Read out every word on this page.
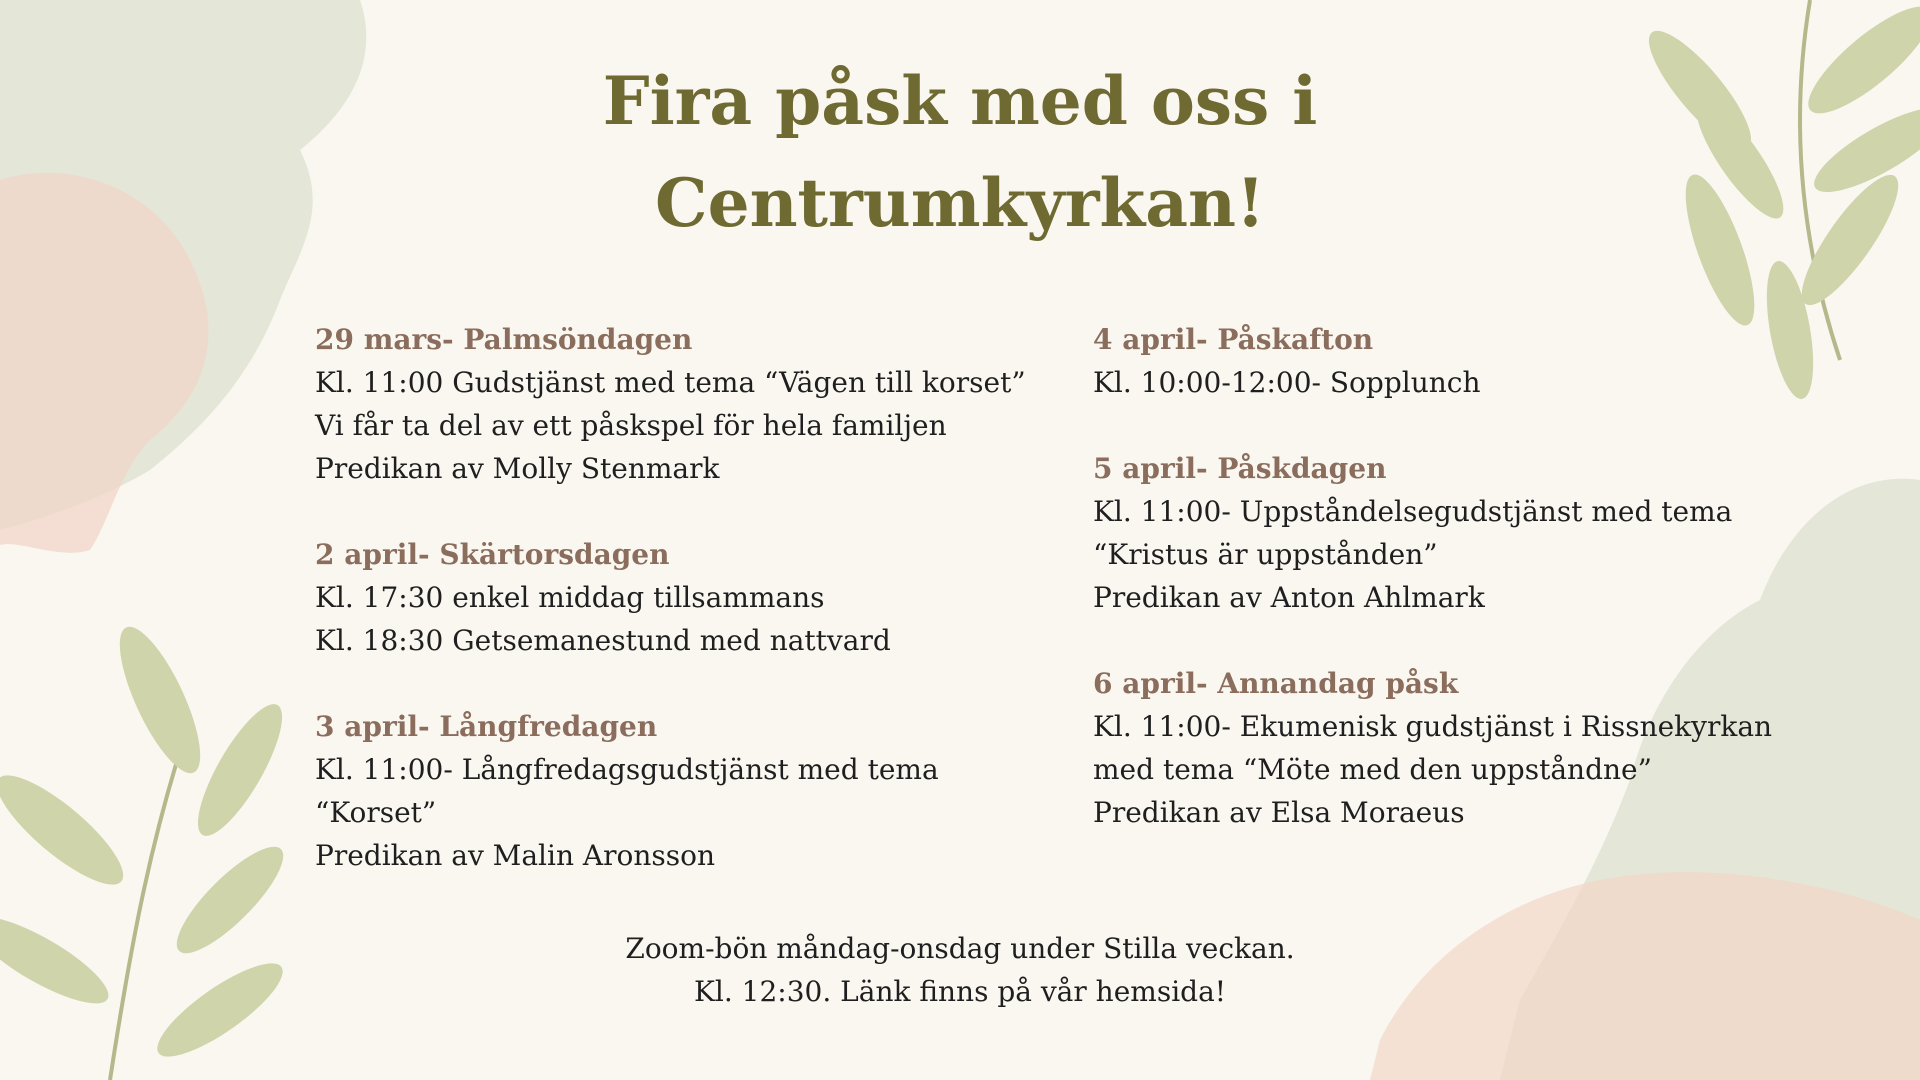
Fira påsk med oss i
Centrumkyrkan!
29 mars- Palmsöndagen
Kl. 11:00 Gudstjänst med tema “Vägen till korset”
Vi får ta del av ett påskspel för hela familjen
Predikan av Molly Stenmark
2 april- Skärtorsdagen
Kl. 17:30 enkel middag tillsammans
Kl. 18:30 Getsemanestund med nattvard
3 april- Långfredagen
Kl. 11:00- Långfredagsgudstjänst med tema
“Korset”
Predikan av Malin Aronsson
4 april- Påskafton
Kl. 10:00-12:00- Sopplunch
5 april- Påskdagen
Kl. 11:00- Uppståndelsegudstjänst med tema
“Kristus är uppstånden”
Predikan av Anton Ahlmark
6 april- Annandag påsk
Kl. 11:00- Ekumenisk gudstjänst i Rissnekyrkan
med tema “Möte med den uppståndne”
Predikan av Elsa Moraeus
Zoom-bön måndag-onsdag under Stilla veckan.
Kl. 12:30. Länk finns på vår hemsida!
